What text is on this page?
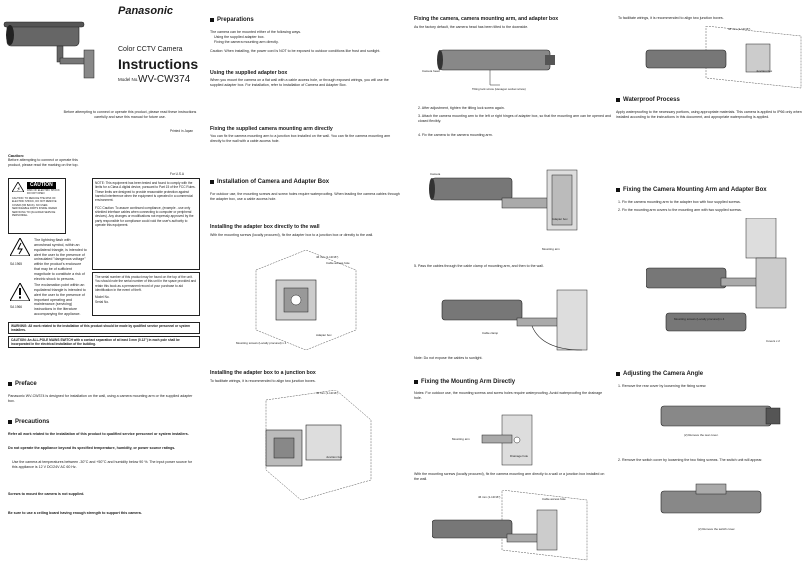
Panasonic
Color CCTV Camera
Instructions
Model No. WV-CW374
Before attempting to connect or operate this product, please read these instructions carefully and save this manual for future use.
Printed in Japan
Caution:
Before attempting to connect or operate this product, please read the marking on the top.
⚡
CAUTION
RISK OF ELECTRIC SHOCK DO NOT OPEN
CAUTION: TO REDUCE THE RISK OF ELECTRIC SHOCK, DO NOT REMOVE COVER (OR BACK). NO USER-SERVICEABLE PARTS INSIDE. REFER SERVICING TO QUALIFIED SERVICE PERSONNEL.
SA 1965
The lightning flash with arrowhead symbol, within an equilateral triangle, is intended to alert the user to the presence of uninsulated "dangerous voltage" within the product's enclosure that may be of sufficient magnitude to constitute a risk of electric shock to persons.
SA 1966
The exclamation point within an equilateral triangle is intended to alert the user to the presence of important operating and maintenance (servicing) instructions in the literature accompanying the appliance.
For U.S.A
NOTE: This equipment has been tested and found to comply with the limits for a Class A digital device, pursuant to Part 15 of the FCC Rules. These limits are designed to provide reasonable protection against harmful interference when the equipment is operated in a commercial environment.
FCC Caution: To assure continued compliance, (example - use only shielded interface cables when connecting to computer or peripheral devices). Any changes or modifications not expressly approved by the party responsible for compliance could void the user's authority to operate this equipment.
The serial number of this product may be found on the top of the unit. You should note the serial number of this unit in the space provided and retain this book as a permanent record of your purchase to aid identification in the event of theft.
Model No.
Serial No.
WARNING: All work related to the installation of this product should be made by qualified service personnel or system installers.
CAUTION: An ALL-POLE MAINS SWITCH with a contact separation of at least 3 mm (0.12") in each pole shall be incorporated in the electrical installation of the building.
Preface
Panasonic WV-CW374 is designed for installation on the wall, using a camera mounting arm or the supplied adapter box.
Precautions
Refer all work related to the installation of this product to qualified service personnel or system installers.
Do not operate the appliance beyond its specified temperature, humidity, or power source ratings.
Use the camera at temperatures between -30°C and +50°C and humidity below 90 %. The input power source for this appliance is 12 V DC/24V AC 60 Hz.
Screws to mount the camera is not supplied.
Be sure to use a ceiling board having enough strength to support this camera.
Preparations
The camera can be mounted either of the following ways.
Using the supplied adapter box.
Fixing the camera mounting arm directly.
Caution: When installing, the power cord is NOT to be exposed to outdoor conditions like frost and sunlight.
Using the supplied adapter box
When you mount the camera on a flat wall with a cable access hole, or through exposed wirings, you will use the supplied adapter box. For installation, refer to Installation of Camera and Adapter Box.
Fixing the supplied camera mounting arm directly
You can fix the camera mounting arm to a junction box installed on the wall. You can fix the camera mounting arm directly to the wall with a cable access hole.
Installation of Camera and Adapter Box
For outdoor use, the mounting screws and screw holes require waterproofing. When leading the camera cables through the adapter box, use a cable access hole.
Installing the adapter box directly to the wall
With the mounting screws (locally procured), fix the adapter box to a junction box or directly to the wall.
46 mm (1-13/16")
Cable access hole
Adapter box
Mounting screws (Locally procured) x 4
Installing the adapter box to a junction box
To facilitate wirings, it is recommended to align two junction boxes.
46 mm (1-13/16")
Junction box
Fixing the camera, camera mounting arm, and adapter box
As the factory default, the camera head has been tilted to the downside.
Camera head
Tilting lock screw (Hexagon socket screw)
2. After adjustment, tighten the tilting lock screw again.
3. Attach the camera mounting arm to the left or right hinges of adapter box, so that the mounting arm can be opened and closed flexibly.
4. Fix the camera to the camera mounting arm.
Camera
Mounting arm
Adapter box
5. Pass the cables through the cable clamp of mounting arm, and then to the wall.
Cable clamp
Note: Do not expose the cables to sunlight.
Fixing the Mounting Arm Directly
Notes: For outdoor use, the mounting screws and screw holes require waterproofing. Avoid waterproofing the drainage hole.
Mounting arm
Drainage hole
With the mounting screws (locally procured), fix the camera mounting arm directly to a wall or a junction box installed on the wall.
46 mm (1-13/16")	Cable access hole
To facilitate wirings, it is recommended to align two junction boxes.
46 mm (1-13/16")
Junction box
Waterproof Process
Apply waterproofing to the necessary portions, using appropriate materials. This camera is applied to IP66 only when installed according to the instructions in this document, and appropriate waterproofing is applied.
Fixing the Camera Mounting Arm and Adapter Box
1. Fix the camera mounting arm to the adapter box with four supplied screws.
2. Fix the mounting arm covers to the mounting arm with two supplied screws.
Mounting screws (Locally procured) x 4
Covers x 2
Adjusting the Camera Angle
1. Remove the rear cover by loosening the fixing screw.
(2) Remove the rear cover.
2. Remove the switch cover by loosening the two fixing screws. The switch unit will appear.
(2) Remove the switch cover.
